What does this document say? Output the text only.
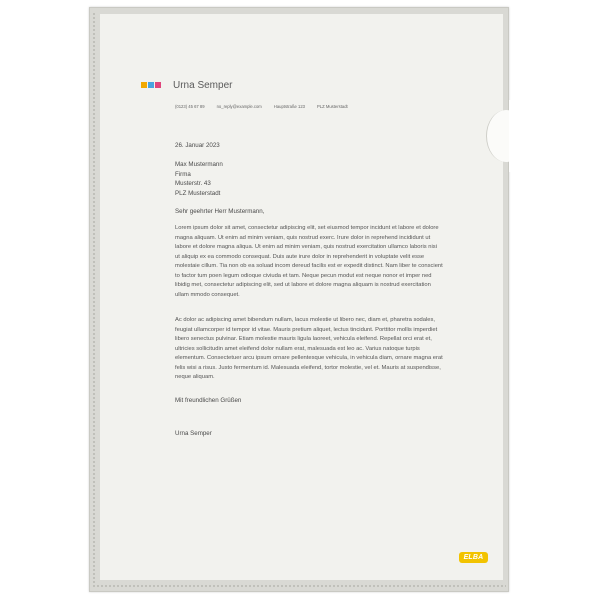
Urna Semper
(0123) 45 67 89	no_reply@example.com	Hauptstraße 123	PLZ Musterstadt
26. Januar 2023
Max Mustermann
Firma
Musterstr. 43
PLZ Musterstadt
Sehr geehrter Herr Mustermann,
Lorem ipsum dolor sit amet, consectetur adipiscing elit, set eiusmod tempor incidunt et labore et dolore magna aliquam. Ut enim ad minim veniam, quis nostrud exerc. Irure dolor in reprehend incididunt ut labore et dolore magna aliqua. Ut enim ad minim veniam, quis nostrud exercitation ullamco laboris nisi ut aliquip ex ea commodo consequat. Duis aute irure dolor in reprehenderit in voluptate velit esse molestaie cillum. Tia non ob ea soluad incom dereud facilis est er expedit distinct. Nam liber te conscient to factor tum poen legum odioque civiuda et tam. Neque pecun modut est neque nonor et imper ned libidig met, consectetur adipiscing elit, sed ut labore et dolore magna aliquam is nostrud exercitation ullam mmodo consequet.
Ac dolor ac adipiscing amet bibendum nullam, lacus molestie ut libero nec, diam et, pharetra sodales, feugiat ullamcorper id tempor id vitae. Mauris pretium aliquet, lectus tincidunt. Porttitor mollis imperdiet libero senectus pulvinar. Etiam molestie mauris ligula laoreet, vehicula eleifend. Repellat orci erat et, ultricies sollicitudin amet eleifend dolor nullam erat, malesuada est leo ac. Varius natoque turpis elementum. Consectetuer arcu ipsum ornare pellentesque vehicula, in vehicula diam, ornare magna erat felis wisi a risus. Justo fermentum id. Malesuada eleifend, tortor molestie, vel et. Mauris at suspendisse, neque aliquam.
Mit freundlichen Grüßen
Urna Semper
ELBA
